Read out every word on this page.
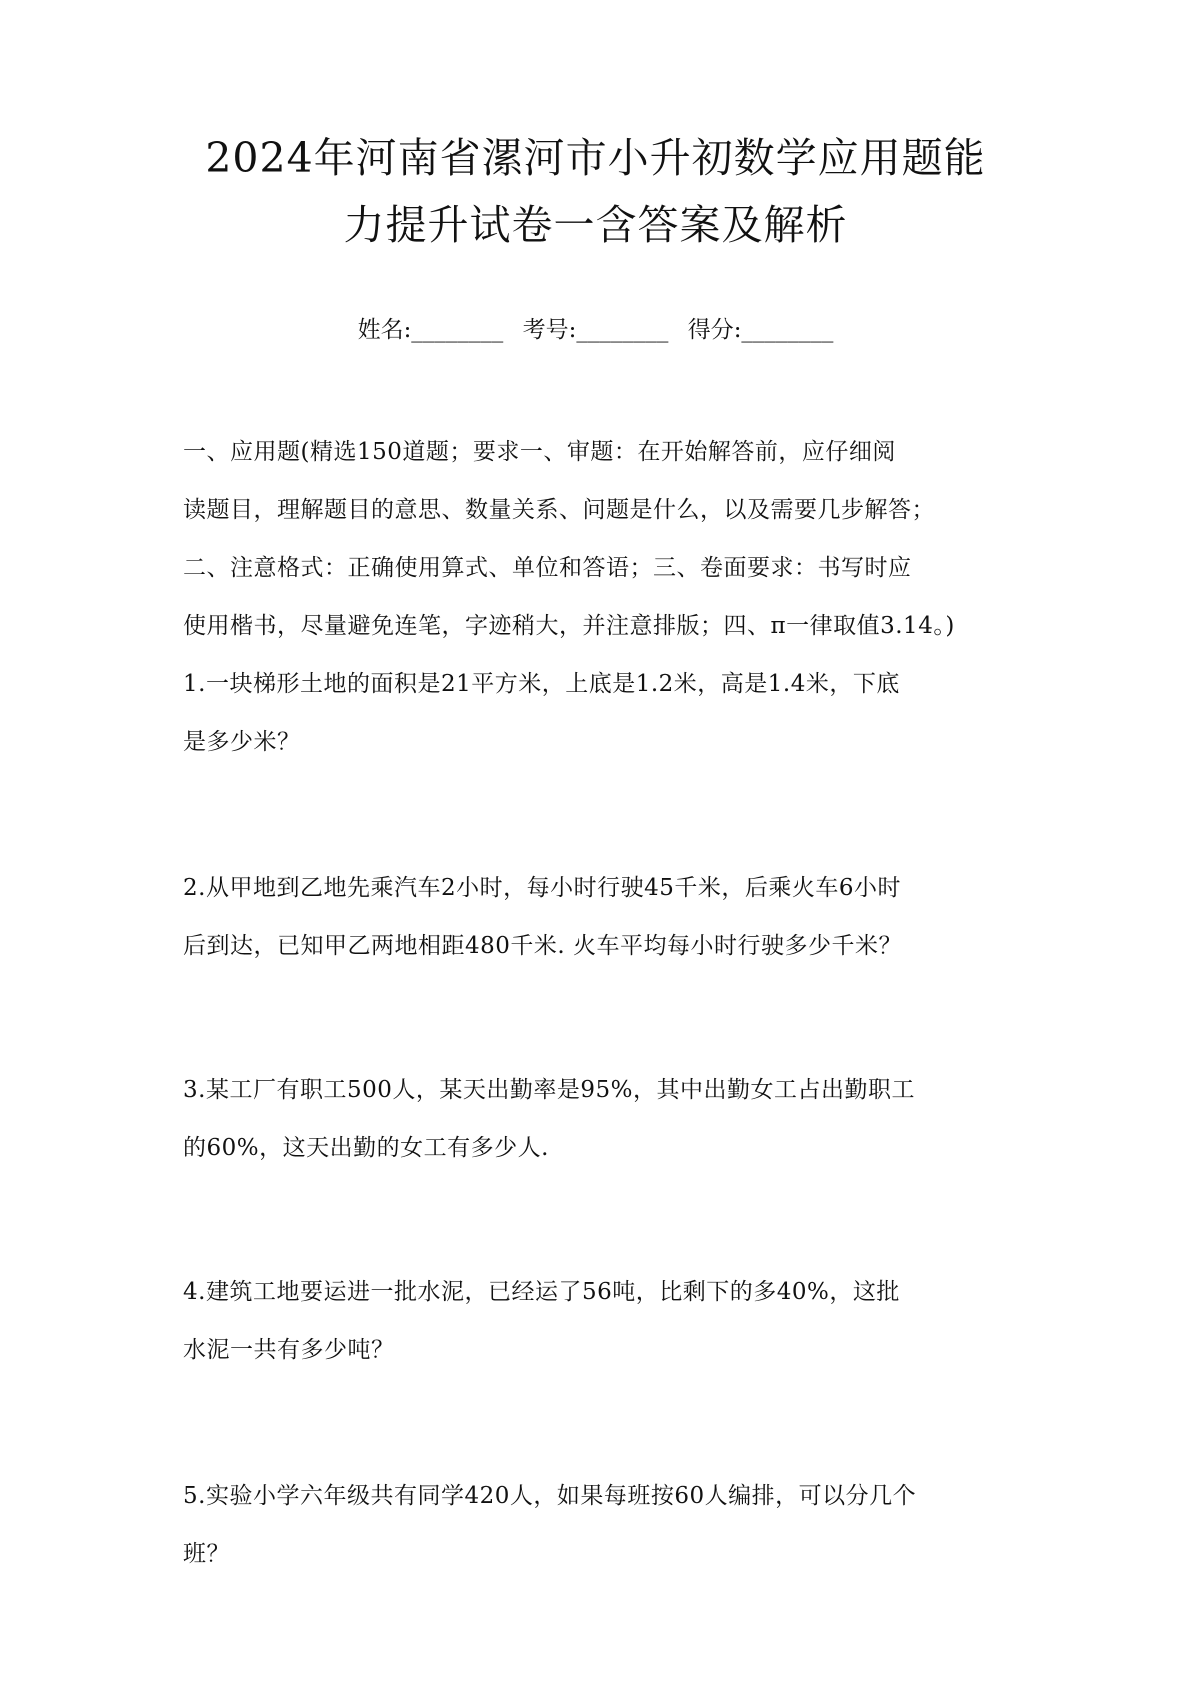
2024年河南省漯河市小升初数学应用题能
力提升试卷一含答案及解析
姓名:________ 考号:________ 得分:________
一、应用题(精选150道题；要求一、审题：在开始解答前，应仔细阅
读题目，理解题目的意思、数量关系、问题是什么，以及需要几步解答；
二、注意格式：正确使用算式、单位和答语；三、卷面要求：书写时应
使用楷书，尽量避免连笔，字迹稍大，并注意排版；四、π一律取值3.14。)
1.一块梯形土地的面积是21平方米，上底是1.2米，高是1.4米，下底
是多少米？
2.从甲地到乙地先乘汽车2小时，每小时行驶45千米，后乘火车6小时
后到达，已知甲乙两地相距480千米. 火车平均每小时行驶多少千米？
3.某工厂有职工500人，某天出勤率是95%，其中出勤女工占出勤职工
的60%，这天出勤的女工有多少人.
4.建筑工地要运进一批水泥，已经运了56吨，比剩下的多40%，这批
水泥一共有多少吨？
5.实验小学六年级共有同学420人，如果每班按60人编排，可以分几个
班？
